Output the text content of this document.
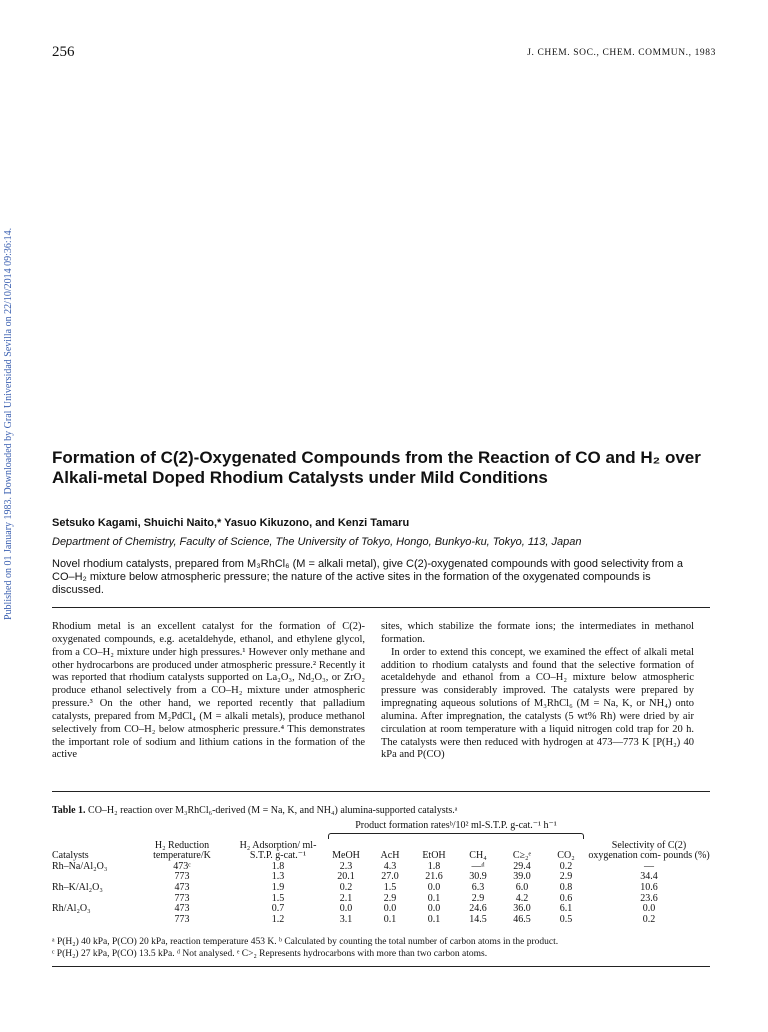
256	J. CHEM. SOC., CHEM. COMMUN., 1983
Published on 01 January 1983. Downloaded by Gral Universidad Sevilla on 22/10/2014 09:36:14. Formation of C(2)-Oxygenated Compounds from the Reaction of CO and H₂ over Alkali-metal Doped Rhodium Catalysts under Mild Conditions
Setsuko Kagami, Shuichi Naito,* Yasuo Kikuzono, and Kenzi Tamaru
Department of Chemistry, Faculty of Science, The University of Tokyo, Hongo, Bunkyo-ku, Tokyo, 113, Japan

Novel rhodium catalysts, prepared from M₃RhCl₆ (M = alkali metal), give C(2)-oxygenated compounds with good selectivity from a CO–H₂ mixture below atmospheric pressure; the nature of the active sites in the formation of the oxygenated compounds is discussed.

Rhodium metal is an excellent catalyst for the formation of C(2)-oxygenated compounds, e.g. acetaldehyde, ethanol, and ethylene glycol, from a CO–H₂ mixture under high pressures.¹ However only methane and other hydrocarbons are produced under atmospheric pressure.² Recently it was reported that rhodium catalysts supported on La₂O₃, Nd₂O₃, or ZrO₂ produce ethanol selectively from a CO–H₂ mixture under atmospheric pressure.³ On the other hand, we reported recently that palladium catalysts, prepared from M₂PdCl₄ (M = alkali metals), produce methanol selectively from CO–H₂ below atmospheric pressure.⁴ This demonstrates the important role of sodium and lithium cations in the formation of the active

sites, which stabilize the formate ions; the intermediates in methanol formation.
In order to extend this concept, we examined the effect of alkali metal addition to rhodium catalysts and found that the selective formation of acetaldehyde and ethanol from a CO–H₂ mixture below atmospheric pressure was considerably improved. The catalysts were prepared by impregnating aqueous solutions of M₃RhCl₆ (M = Na, K, or NH₄) onto alumina. After impregnation, the catalysts (5 wt% Rh) were dried by air circulation at room temperature with a liquid nitrogen cold trap for 20 h. The catalysts were then reduced with hydrogen at 473—773 K [P(H₂) 40 kPa and P(CO)
Table 1. CO–H₂ reaction over M₃RhCl₆-derived (M = Na, K, and NH₄) alumina-supported catalysts.ᵃ
			Product formation ratesᵇ/10² ml-S.T.P. g-cat.⁻¹ h⁻¹						Selectivity of C(2) oxygenation com- pounds (%)
Catalysts	H₂ Reduction temperature/K	H₂ Adsorption/ ml-S.T.P. g-cat.⁻¹	MeOH	AcH	EtOH	CH₄	C≥₂ᵉ	CO₂	
Rh–Na/Al₂O₃	473ᶜ	1.8	2.3	4.3	1.8	—ᵈ	29.4	0.2	—
	773	1.3	20.1	27.0	21.6	30.9	39.0	2.9	34.4
Rh–K/Al₂O₃	473	1.9	0.2	1.5	0.0	6.3	6.0	0.8	10.6
	773	1.5	2.1	2.9	0.1	2.9	4.2	0.6	23.6
Rh/Al₂O₃	473	0.7	0.0	0.0	0.0	24.6	36.0	6.1	0.0
	773	1.2	3.1	0.1	0.1	14.5	46.5	0.5	0.2
ᵃ P(H₂) 40 kPa, P(CO) 20 kPa, reaction temperature 453 K. ᵇ Calculated by counting the total number of carbon atoms in the product.
ᶜ P(H₂) 27 kPa, P(CO) 13.5 kPa. ᵈ Not analysed. ᵉ C>₂ Represents hydrocarbons with more than two carbon atoms.
